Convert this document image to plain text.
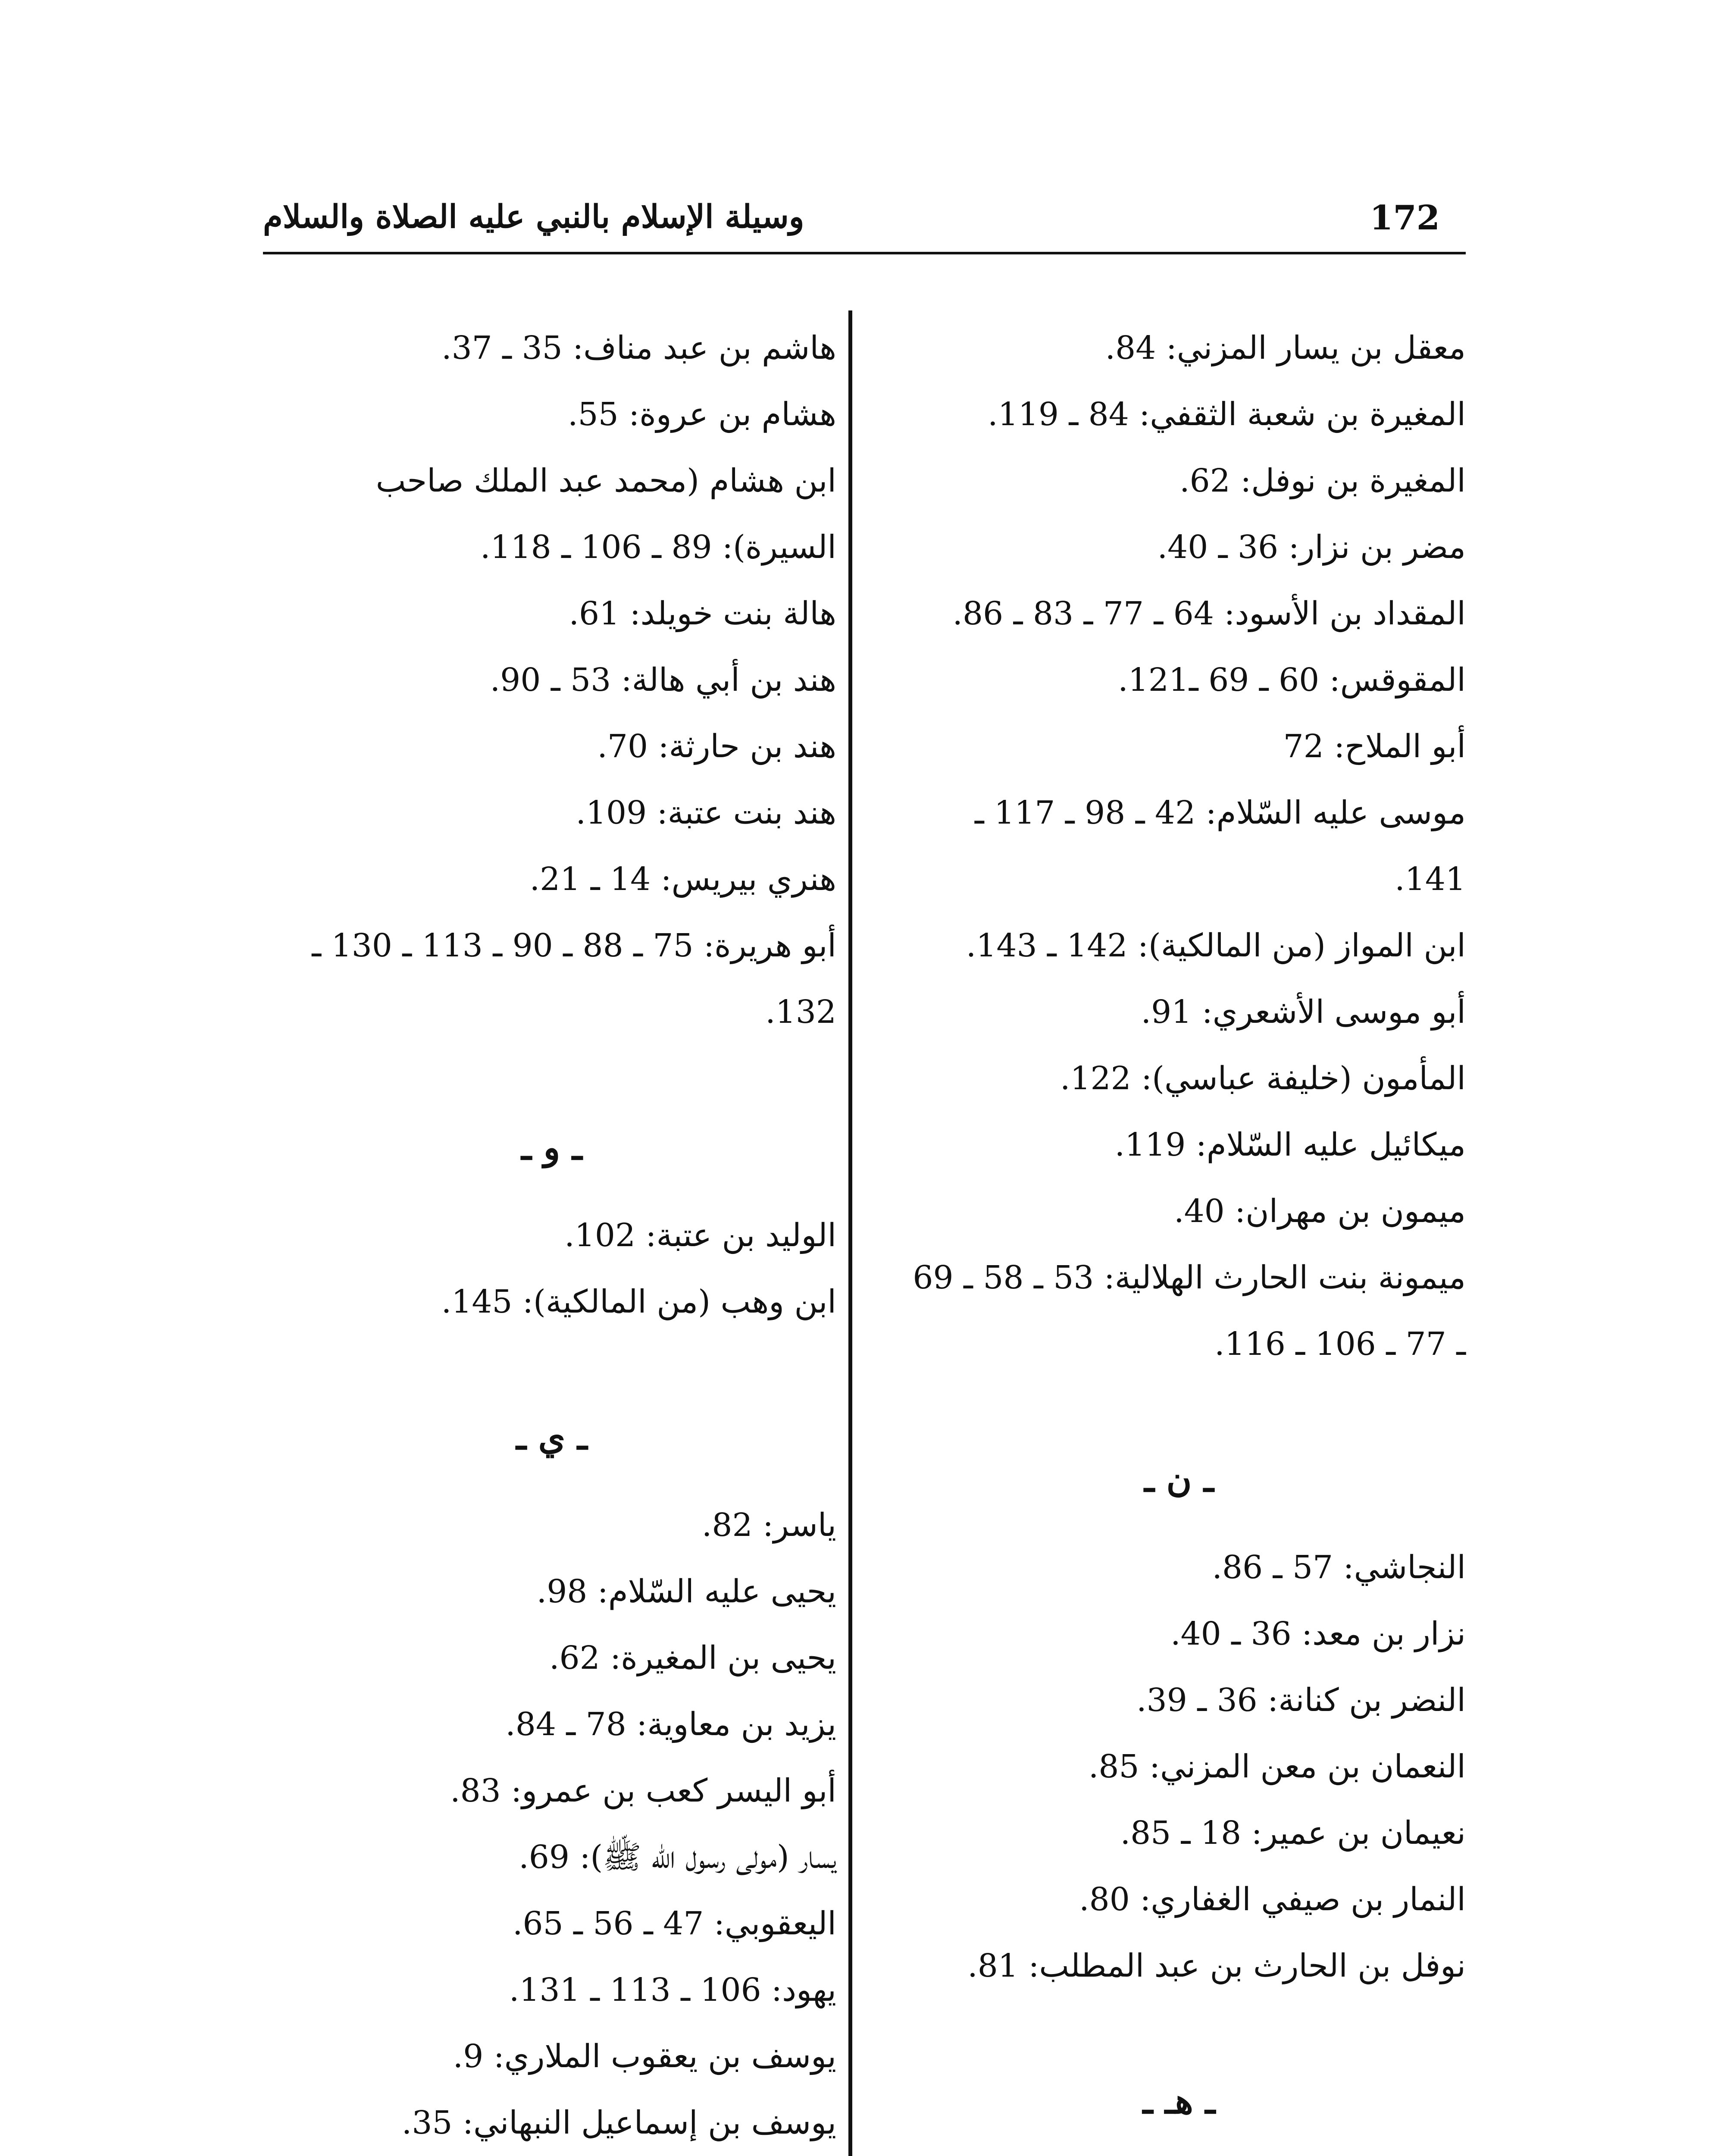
172
وسيلة الإسلام بالنبي عليه الصلاة والسلام
معقل بن يسار المزني: 84.
المغيرة بن شعبة الثقفي: 84 ـ 119.
المغيرة بن نوفل: 62.
مضر بن نزار: 36 ـ 40.
المقداد بن الأسود: 64 ـ 77 ـ 83 ـ 86.
المقوقس: 60 ـ 69 ـ121.
أبو الملاح: 72
موسى عليه السّلام: 42 ـ 98 ـ 117 ـ
141.
ابن المواز (من المالكية): 142 ـ 143.
أبو موسى الأشعري: 91.
المأمون (خليفة عباسي): 122.
ميكائيل عليه السّلام: 119.
ميمون بن مهران: 40.
ميمونة بنت الحارث الهلالية: 53 ـ 58 ـ 69
ـ 77 ـ 106 ـ 116.
ـ ن ـ
النجاشي: 57 ـ 86.
نزار بن معد: 36 ـ 40.
النضر بن كنانة: 36 ـ 39.
النعمان بن معن المزني: 85.
نعيمان بن عمير: 18 ـ 85.
النمار بن صيفي الغفاري: 80.
نوفل بن الحارث بن عبد المطلب: 81.
ـ هـ ـ
هاشم بن عبد مناف: 35 ـ 37.
هشام بن عروة: 55.
ابن هشام (محمد عبد الملك صاحب
السيرة): 89 ـ 106 ـ 118.
هالة بنت خويلد: 61.
هند بن أبي هالة: 53 ـ 90.
هند بن حارثة: 70.
هند بنت عتبة: 109.
هنري بيريس: 14 ـ 21.
أبو هريرة: 75 ـ 88 ـ 90 ـ 113 ـ 130 ـ
132.
ـ و ـ
الوليد بن عتبة: 102.
ابن وهب (من المالكية): 145.
ـ ي ـ
ياسر: 82.
يحيى عليه السّلام: 98.
يحيى بن المغيرة: 62.
يزيد بن معاوية: 78 ـ 84.
أبو اليسر كعب بن عمرو: 83.
يسار (مولى رسول الله ﷺ): 69.
اليعقوبي: 47 ـ 56 ـ 65.
يهود: 106 ـ 113 ـ 131.
يوسف بن يعقوب الملاري: 9.
يوسف بن إسماعيل النبهاني: 35.
